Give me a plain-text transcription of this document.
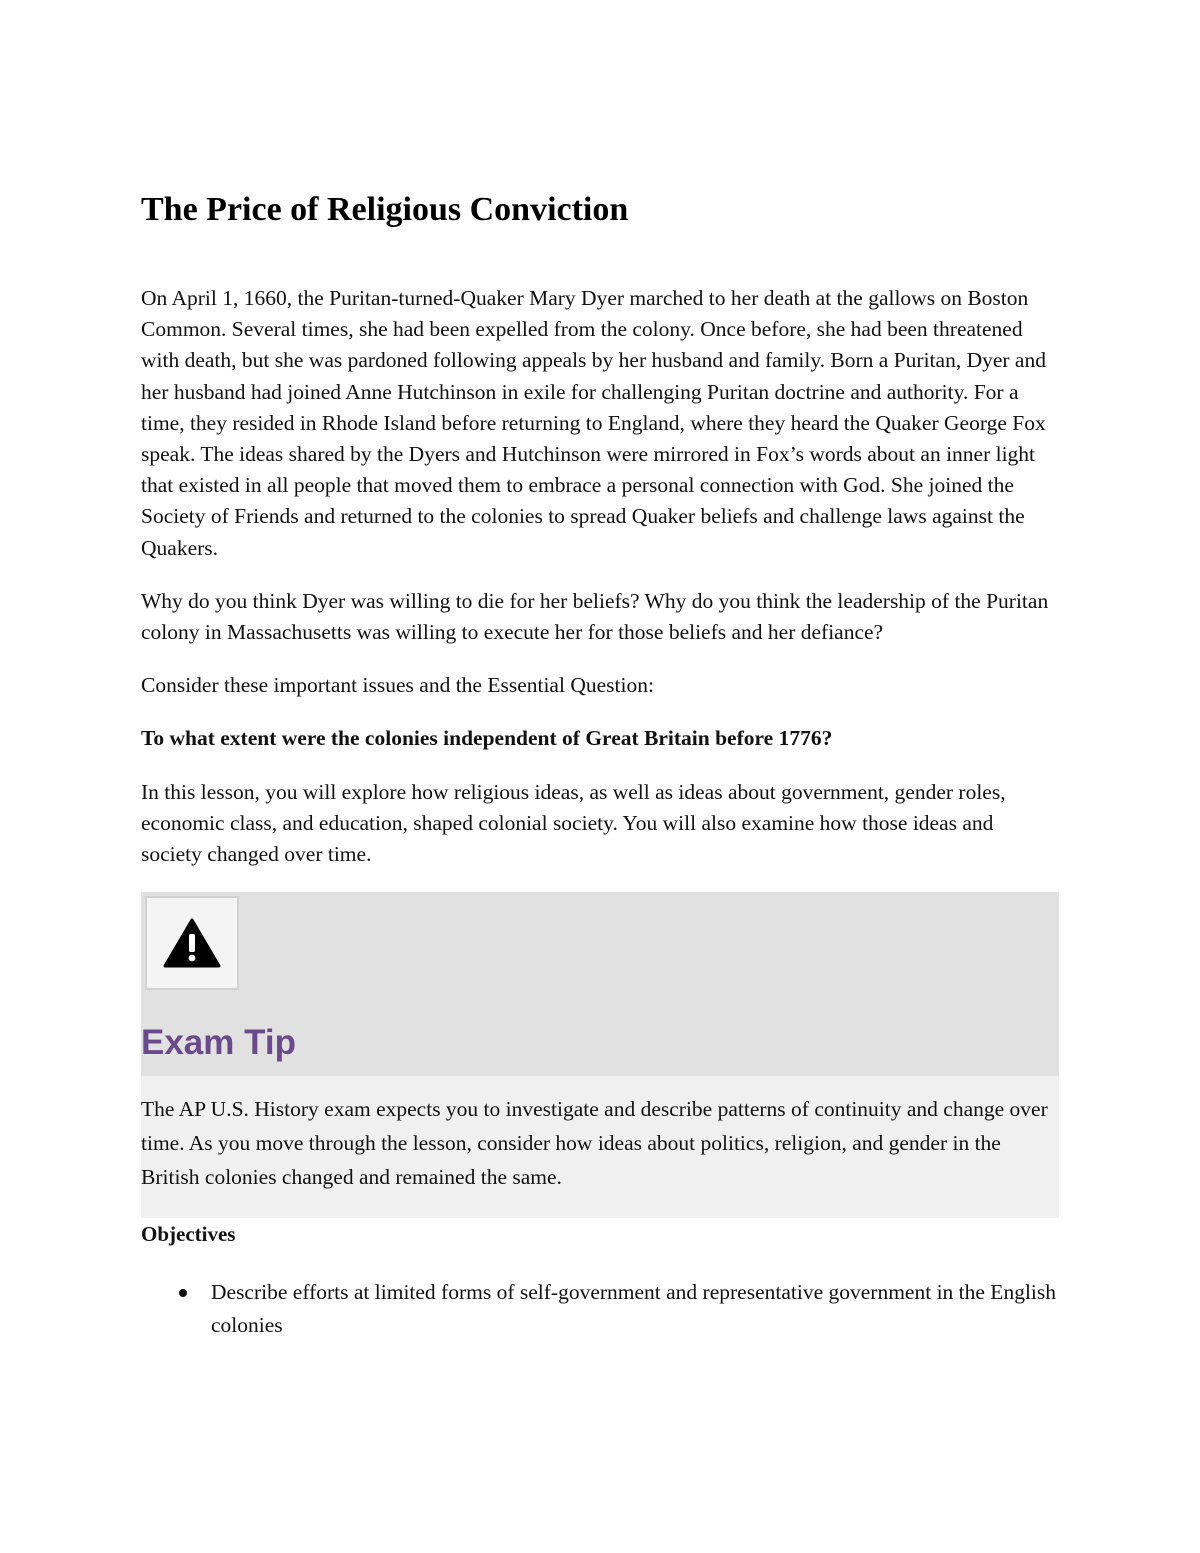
The Price of Religious Conviction

On April 1, 1660, the Puritan-turned-Quaker Mary Dyer marched to her death at the gallows on Boston Common. Several times, she had been expelled from the colony. Once before, she had been threatened with death, but she was pardoned following appeals by her husband and family. Born a Puritan, Dyer and her husband had joined Anne Hutchinson in exile for challenging Puritan doctrine and authority. For a time, they resided in Rhode Island before returning to England, where they heard the Quaker George Fox speak. The ideas shared by the Dyers and Hutchinson were mirrored in Fox’s words about an inner light that existed in all people that moved them to embrace a personal connection with God. She joined the Society of Friends and returned to the colonies to spread Quaker beliefs and challenge laws against the Quakers.

Why do you think Dyer was willing to die for her beliefs? Why do you think the leadership of the Puritan colony in Massachusetts was willing to execute her for those beliefs and her defiance?

Consider these important issues and the Essential Question:

To what extent were the colonies independent of Great Britain before 1776?

In this lesson, you will explore how religious ideas, as well as ideas about government, gender roles, economic class, and education, shaped colonial society. You will also examine how those ideas and society changed over time.

Exam Tip

The AP U.S. History exam expects you to investigate and describe patterns of continuity and change over time. As you move through the lesson, consider how ideas about politics, religion, and gender in the British colonies changed and remained the same.

Objectives

Describe efforts at limited forms of self-government and representative government in the English colonies
